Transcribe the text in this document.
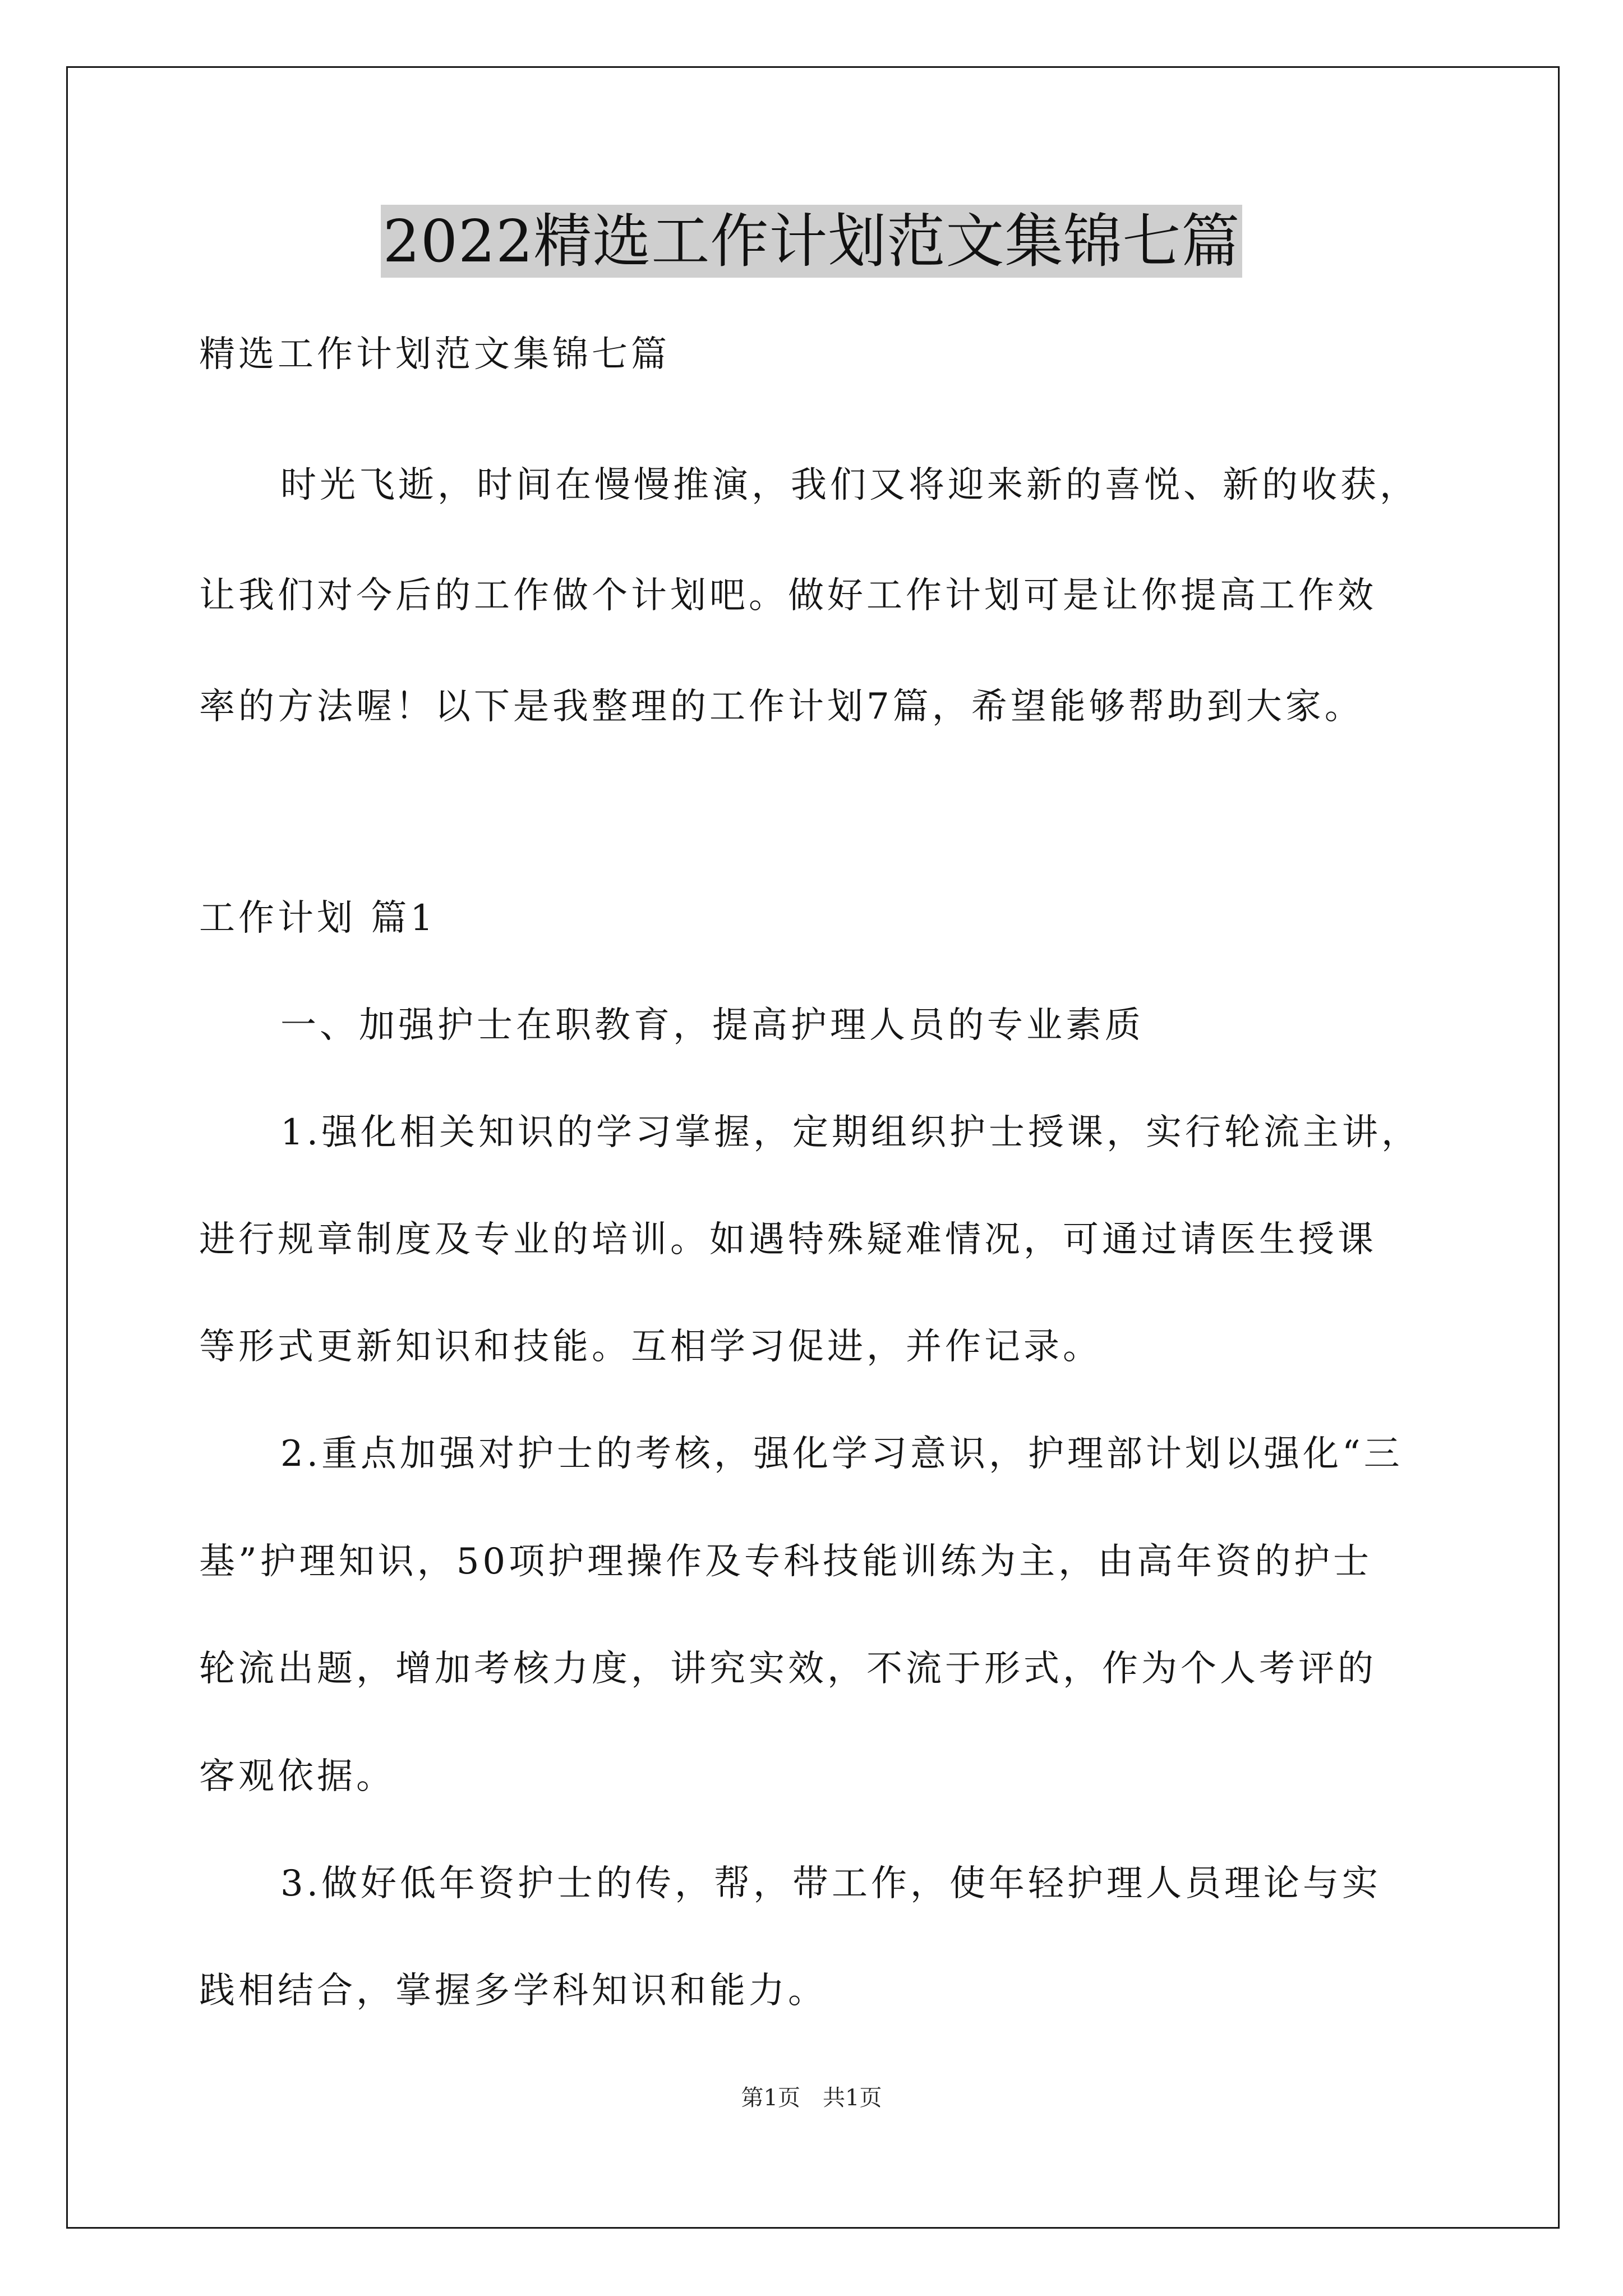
2022精选工作计划范文集锦七篇
精选工作计划范文集锦七篇
时光飞逝，时间在慢慢推演，我们又将迎来新的喜悦、新的收获，
让我们对今后的工作做个计划吧。做好工作计划可是让你提高工作效
率的方法喔！以下是我整理的工作计划7篇，希望能够帮助到大家。
工作计划 篇1
一、加强护士在职教育，提高护理人员的专业素质
1.强化相关知识的学习掌握，定期组织护士授课，实行轮流主讲，
进行规章制度及专业的培训。如遇特殊疑难情况，可通过请医生授课
等形式更新知识和技能。互相学习促进，并作记录。
2.重点加强对护士的考核，强化学习意识，护理部计划以强化“三
基”护理知识，50项护理操作及专科技能训练为主，由高年资的护士
轮流出题，增加考核力度，讲究实效，不流于形式，作为个人考评的
客观依据。
3.做好低年资护士的传，帮，带工作，使年轻护理人员理论与实
践相结合，掌握多学科知识和能力。
第1页　共1页
